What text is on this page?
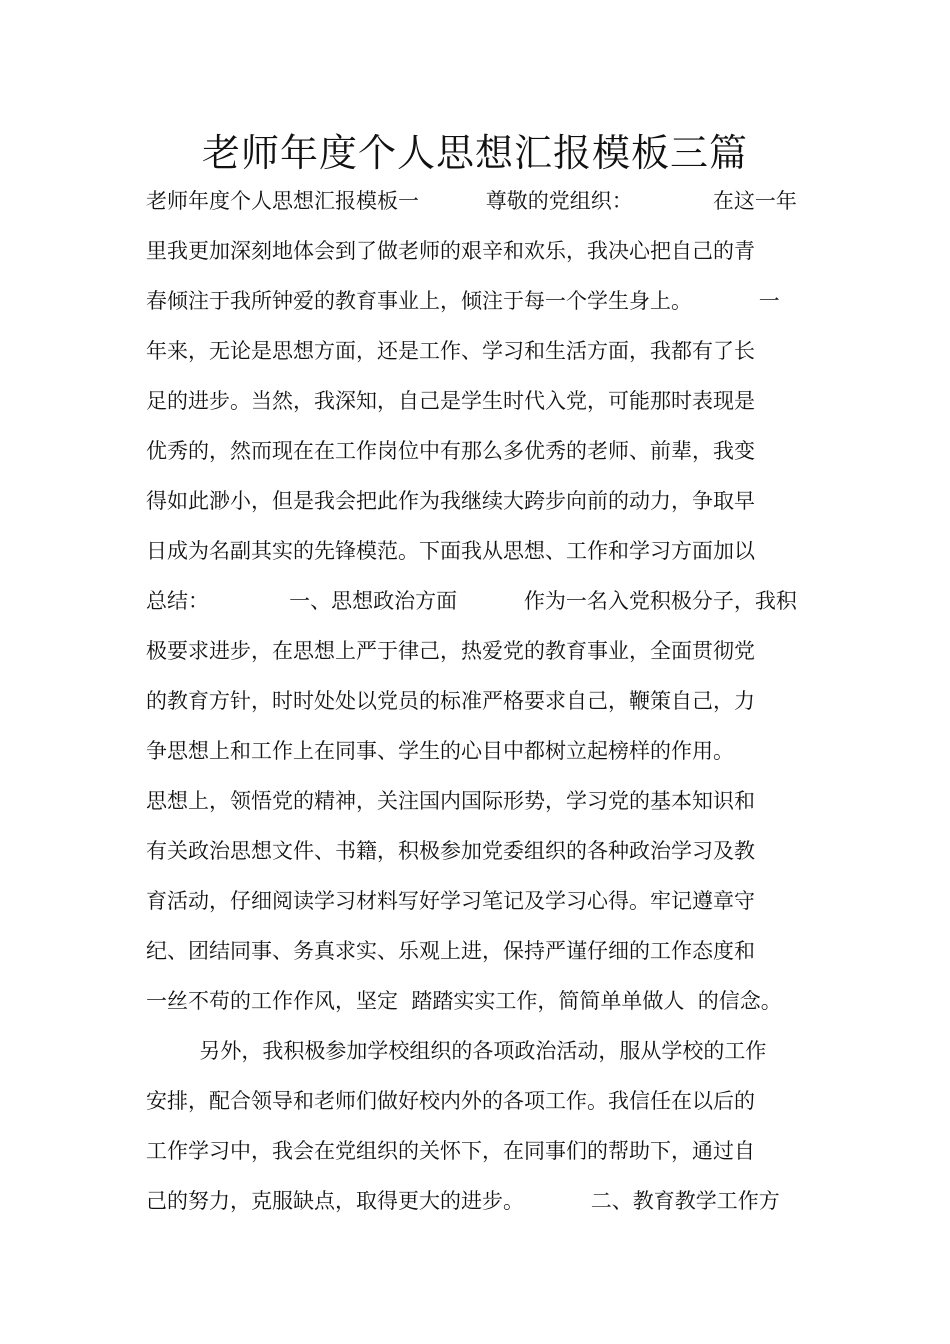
老师年度个人思想汇报模板三篇
老师年度个人思想汇报模板一          尊敬的党组织：            在这一年
里我更加深刻地体会到了做老师的艰辛和欢乐，我决心把自己的青
春倾注于我所钟爱的教育事业上，倾注于每一个学生身上。          一
年来，无论是思想方面，还是工作、学习和生活方面，我都有了长
足的进步。当然，我深知，自己是学生时代入党，可能那时表现是
优秀的，然而现在在工作岗位中有那么多优秀的老师、前辈，我变
得如此渺小，但是我会把此作为我继续大跨步向前的动力，争取早
日成为名副其实的先锋模范。下面我从思想、工作和学习方面加以
总结：            一、思想政治方面          作为一名入党积极分子，我积
极要求进步，在思想上严于律己，热爱党的教育事业，全面贯彻党
的教育方针，时时处处以党员的标准严格要求自己，鞭策自己，力
争思想上和工作上在同事、学生的心目中都树立起榜样的作用。
思想上，领悟党的精神，关注国内国际形势，学习党的基本知识和
有关政治思想文件、书籍，积极参加党委组织的各种政治学习及教
育活动，仔细阅读学习材料写好学习笔记及学习心得。牢记遵章守
纪、团结同事、务真求实、乐观上进，保持严谨仔细的工作态度和
一丝不苟的工作作风，坚定  踏踏实实工作，简简单单做人  的信念。
另外，我积极参加学校组织的各项政治活动，服从学校的工作
安排，配合领导和老师们做好校内外的各项工作。我信任在以后的
工作学习中，我会在党组织的关怀下，在同事们的帮助下，通过自
己的努力，克服缺点，取得更大的进步。          二、教育教学工作方
